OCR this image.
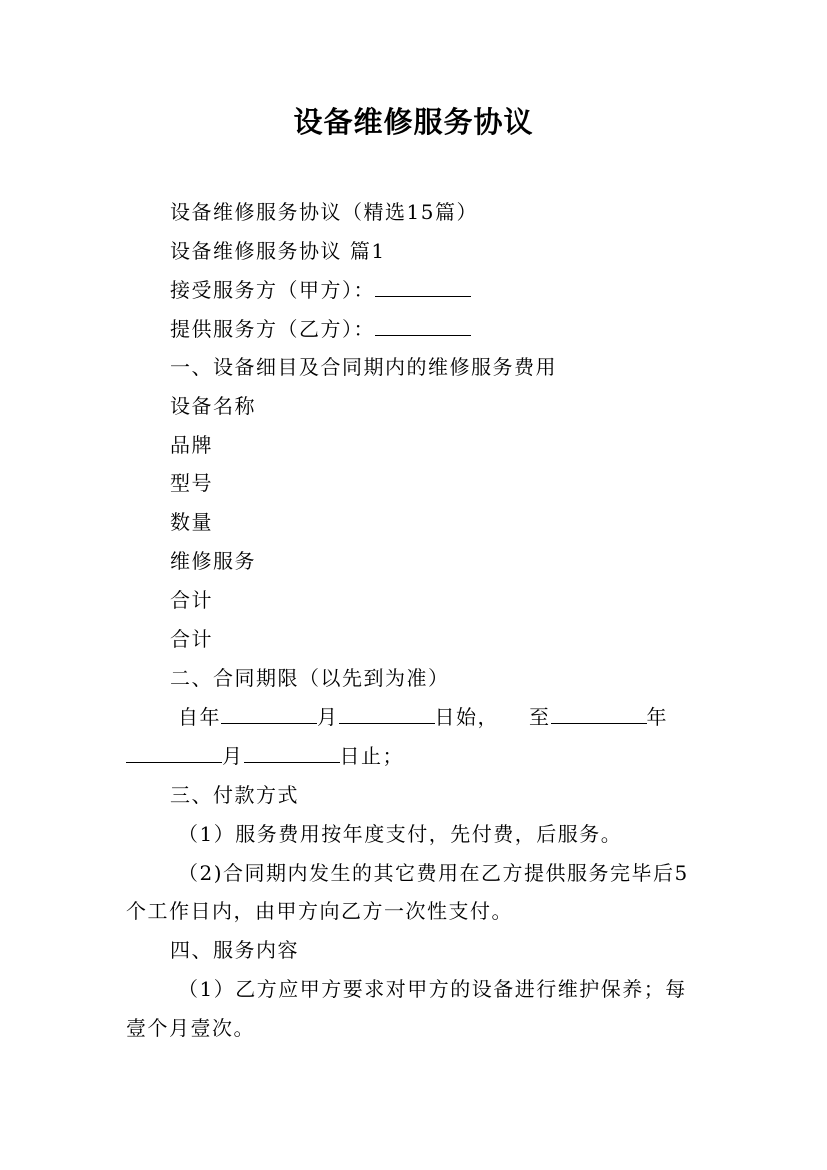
设备维修服务协议
设备维修服务协议（精选15篇）
设备维修服务协议 篇1
接受服务方（甲方）：
提供服务方（乙方）：
一、设备细目及合同期内的维修服务费用
设备名称
品牌
型号
数量
维修服务
合计
合计
二、合同期限（以先到为准）
自年	月	日始， 至	年
月	日止；
三、付款方式
（1）服务费用按年度支付，先付费，后服务。
（2)合同期内发生的其它费用在乙方提供服务完毕后5
个工作日内，由甲方向乙方一次性支付。
四、服务内容
（1）乙方应甲方要求对甲方的设备进行维护保养；每
壹个月壹次。
